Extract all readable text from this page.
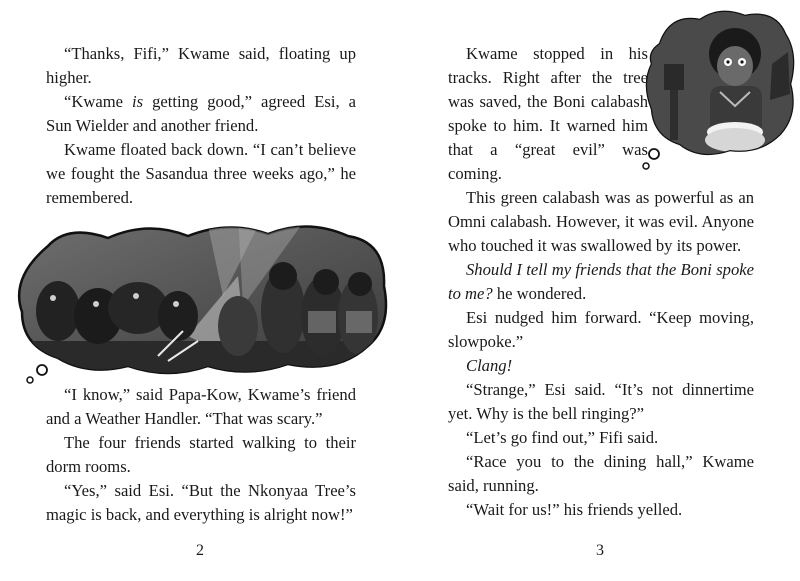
“Thanks, Fifi,” Kwame said, floating up higher.

“Kwame is getting good,” agreed Esi, a Sun Wielder and another friend.

Kwame floated back down. “I can’t believe we fought the Sasandua three weeks ago,” he remembered.

“I know,” said Papa-Kow, Kwame’s friend and a Weather Handler. “That was scary.”

The four friends started walking to their dorm rooms.

“Yes,” said Esi. “But the Nkonyaa Tree’s magic is back, and everything is alright now!”

2

Kwame stopped in his tracks. Right after the tree was saved, the Boni calabash spoke to him. It warned him that a “great evil” was coming.

This green calabash was as powerful as an Omni calabash. However, it was evil. Anyone who touched it was swallowed by its power.

Should I tell my friends that the Boni spoke to me? he wondered.

Esi nudged him forward. “Keep moving, slowpoke.”

Clang!

“Strange,” Esi said. “It’s not dinnertime yet. Why is the bell ringing?”

“Let’s go find out,” Fifi said.

“Race you to the dining hall,” Kwame said, running.

“Wait for us!” his friends yelled.

3
